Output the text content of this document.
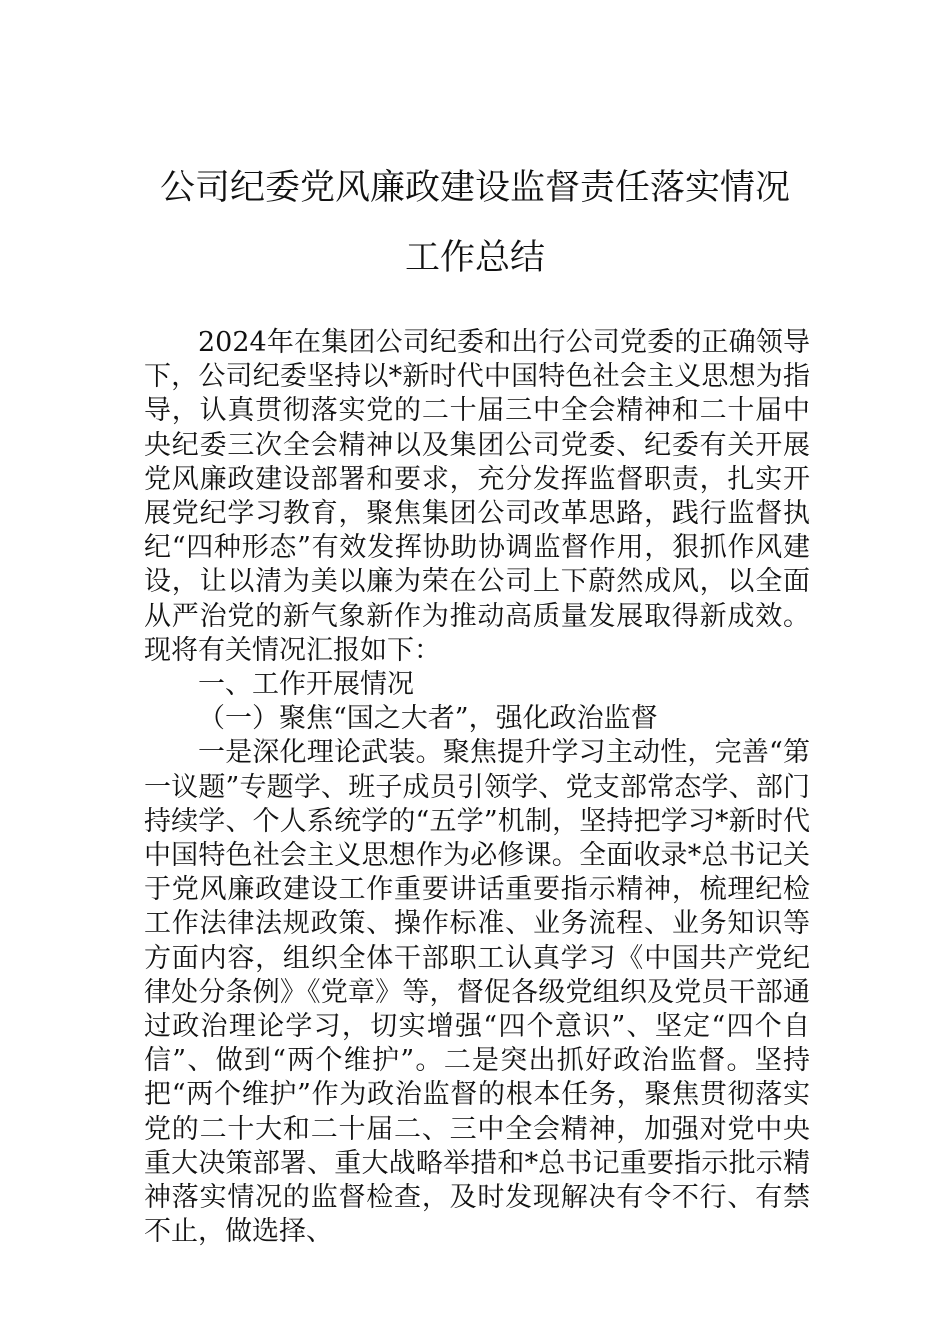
公司纪委党风廉政建设监督责任落实情况
工作总结

2024年在集团公司纪委和出行公司党委的正确领导下，公司纪委坚持以*新时代中国特色社会主义思想为指导，认真贯彻落实党的二十届三中全会精神和二十届中央纪委三次全会精神以及集团公司党委、纪委有关开展党风廉政建设部署和要求，充分发挥监督职责，扎实开展党纪学习教育，聚焦集团公司改革思路，践行监督执纪“四种形态”有效发挥协助协调监督作用，狠抓作风建设，让以清为美以廉为荣在公司上下蔚然成风，以全面从严治党的新气象新作为推动高质量发展取得新成效。现将有关情况汇报如下：

一、工作开展情况

（一）聚焦“国之大者”，强化政治监督

一是深化理论武装。聚焦提升学习主动性，完善“第一议题”专题学、班子成员引领学、党支部常态学、部门持续学、个人系统学的“五学”机制，坚持把学习*新时代中国特色社会主义思想作为必修课。全面收录*总书记关于党风廉政建设工作重要讲话重要指示精神，梳理纪检工作法律法规政策、操作标准、业务流程、业务知识等方面内容，组织全体干部职工认真学习《中国共产党纪律处分条例》《党章》等，督促各级党组织及党员干部通过政治理论学习，切实增强“四个意识”、坚定“四个自信”、做到“两个维护”。二是突出抓好政治监督。坚持把“两个维护”作为政治监督的根本任务，聚焦贯彻落实党的二十大和二十届二、三中全会精神，加强对党中央重大决策部署、重大战略举措和*总书记重要指示批示精神落实情况的监督检查，及时发现解决有令不行、有禁不止，做选择、
